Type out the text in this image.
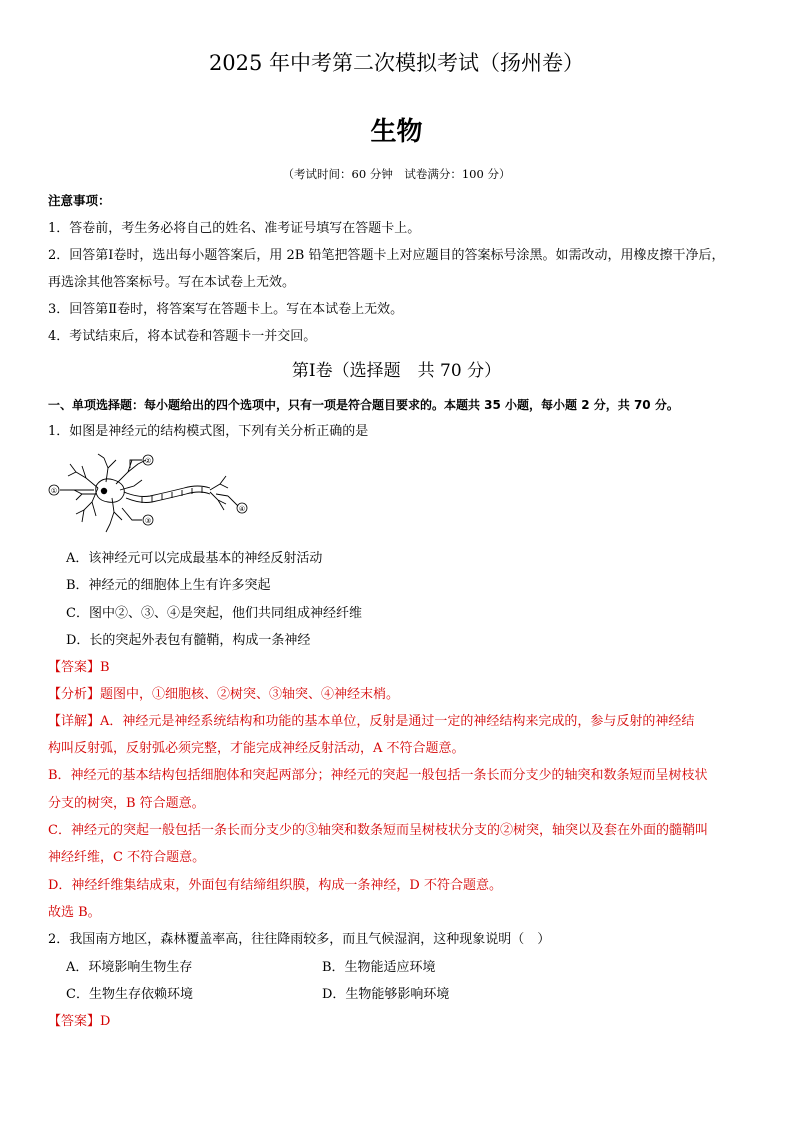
2025 年中考第二次模拟考试（扬州卷）
生物
（考试时间：60 分钟　试卷满分：100 分）
注意事项：
1．答卷前，考生务必将自己的姓名、准考证号填写在答题卡上。
2．回答第Ⅰ卷时，选出每小题答案后，用 2B 铅笔把答题卡上对应题目的答案标号涂黑。如需改动，用橡皮擦干净后，
再选涂其他答案标号。写在本试卷上无效。
3．回答第Ⅱ卷时，将答案写在答题卡上。写在本试卷上无效。
4．考试结束后，将本试卷和答题卡一并交回。
第Ⅰ卷（选择题　共 70 分）
一、单项选择题：每小题给出的四个选项中，只有一项是符合题目要求的。本题共 35 小题，每小题 2 分，共 70 分。
1．如图是神经元的结构模式图，下列有关分析正确的是
①
②
③
④
A．该神经元可以完成最基本的神经反射活动
B．神经元的细胞体上生有许多突起
C．图中②、③、④是突起，他们共同组成神经纤维
D．长的突起外表包有髓鞘，构成一条神经
【答案】B
【分析】题图中，①细胞核、②树突、③轴突、④神经末梢。
【详解】A．神经元是神经系统结构和功能的基本单位，反射是通过一定的神经结构来完成的，参与反射的神经结
构叫反射弧，反射弧必须完整，才能完成神经反射活动，A 不符合题意。
B．神经元的基本结构包括细胞体和突起两部分；神经元的突起一般包括一条长而分支少的轴突和数条短而呈树枝状
分支的树突，B 符合题意。
C．神经元的突起一般包括一条长而分支少的③轴突和数条短而呈树枝状分支的②树突，轴突以及套在外面的髓鞘叫
神经纤维，C 不符合题意。
D．神经纤维集结成束，外面包有结缔组织膜，构成一条神经，D 不符合题意。
故选 B。
2．我国南方地区，森林覆盖率高，往往降雨较多，而且气候湿润，这种现象说明（　）
A．环境影响生物生存	B．生物能适应环境
C．生物生存依赖环境	D．生物能够影响环境
【答案】D
